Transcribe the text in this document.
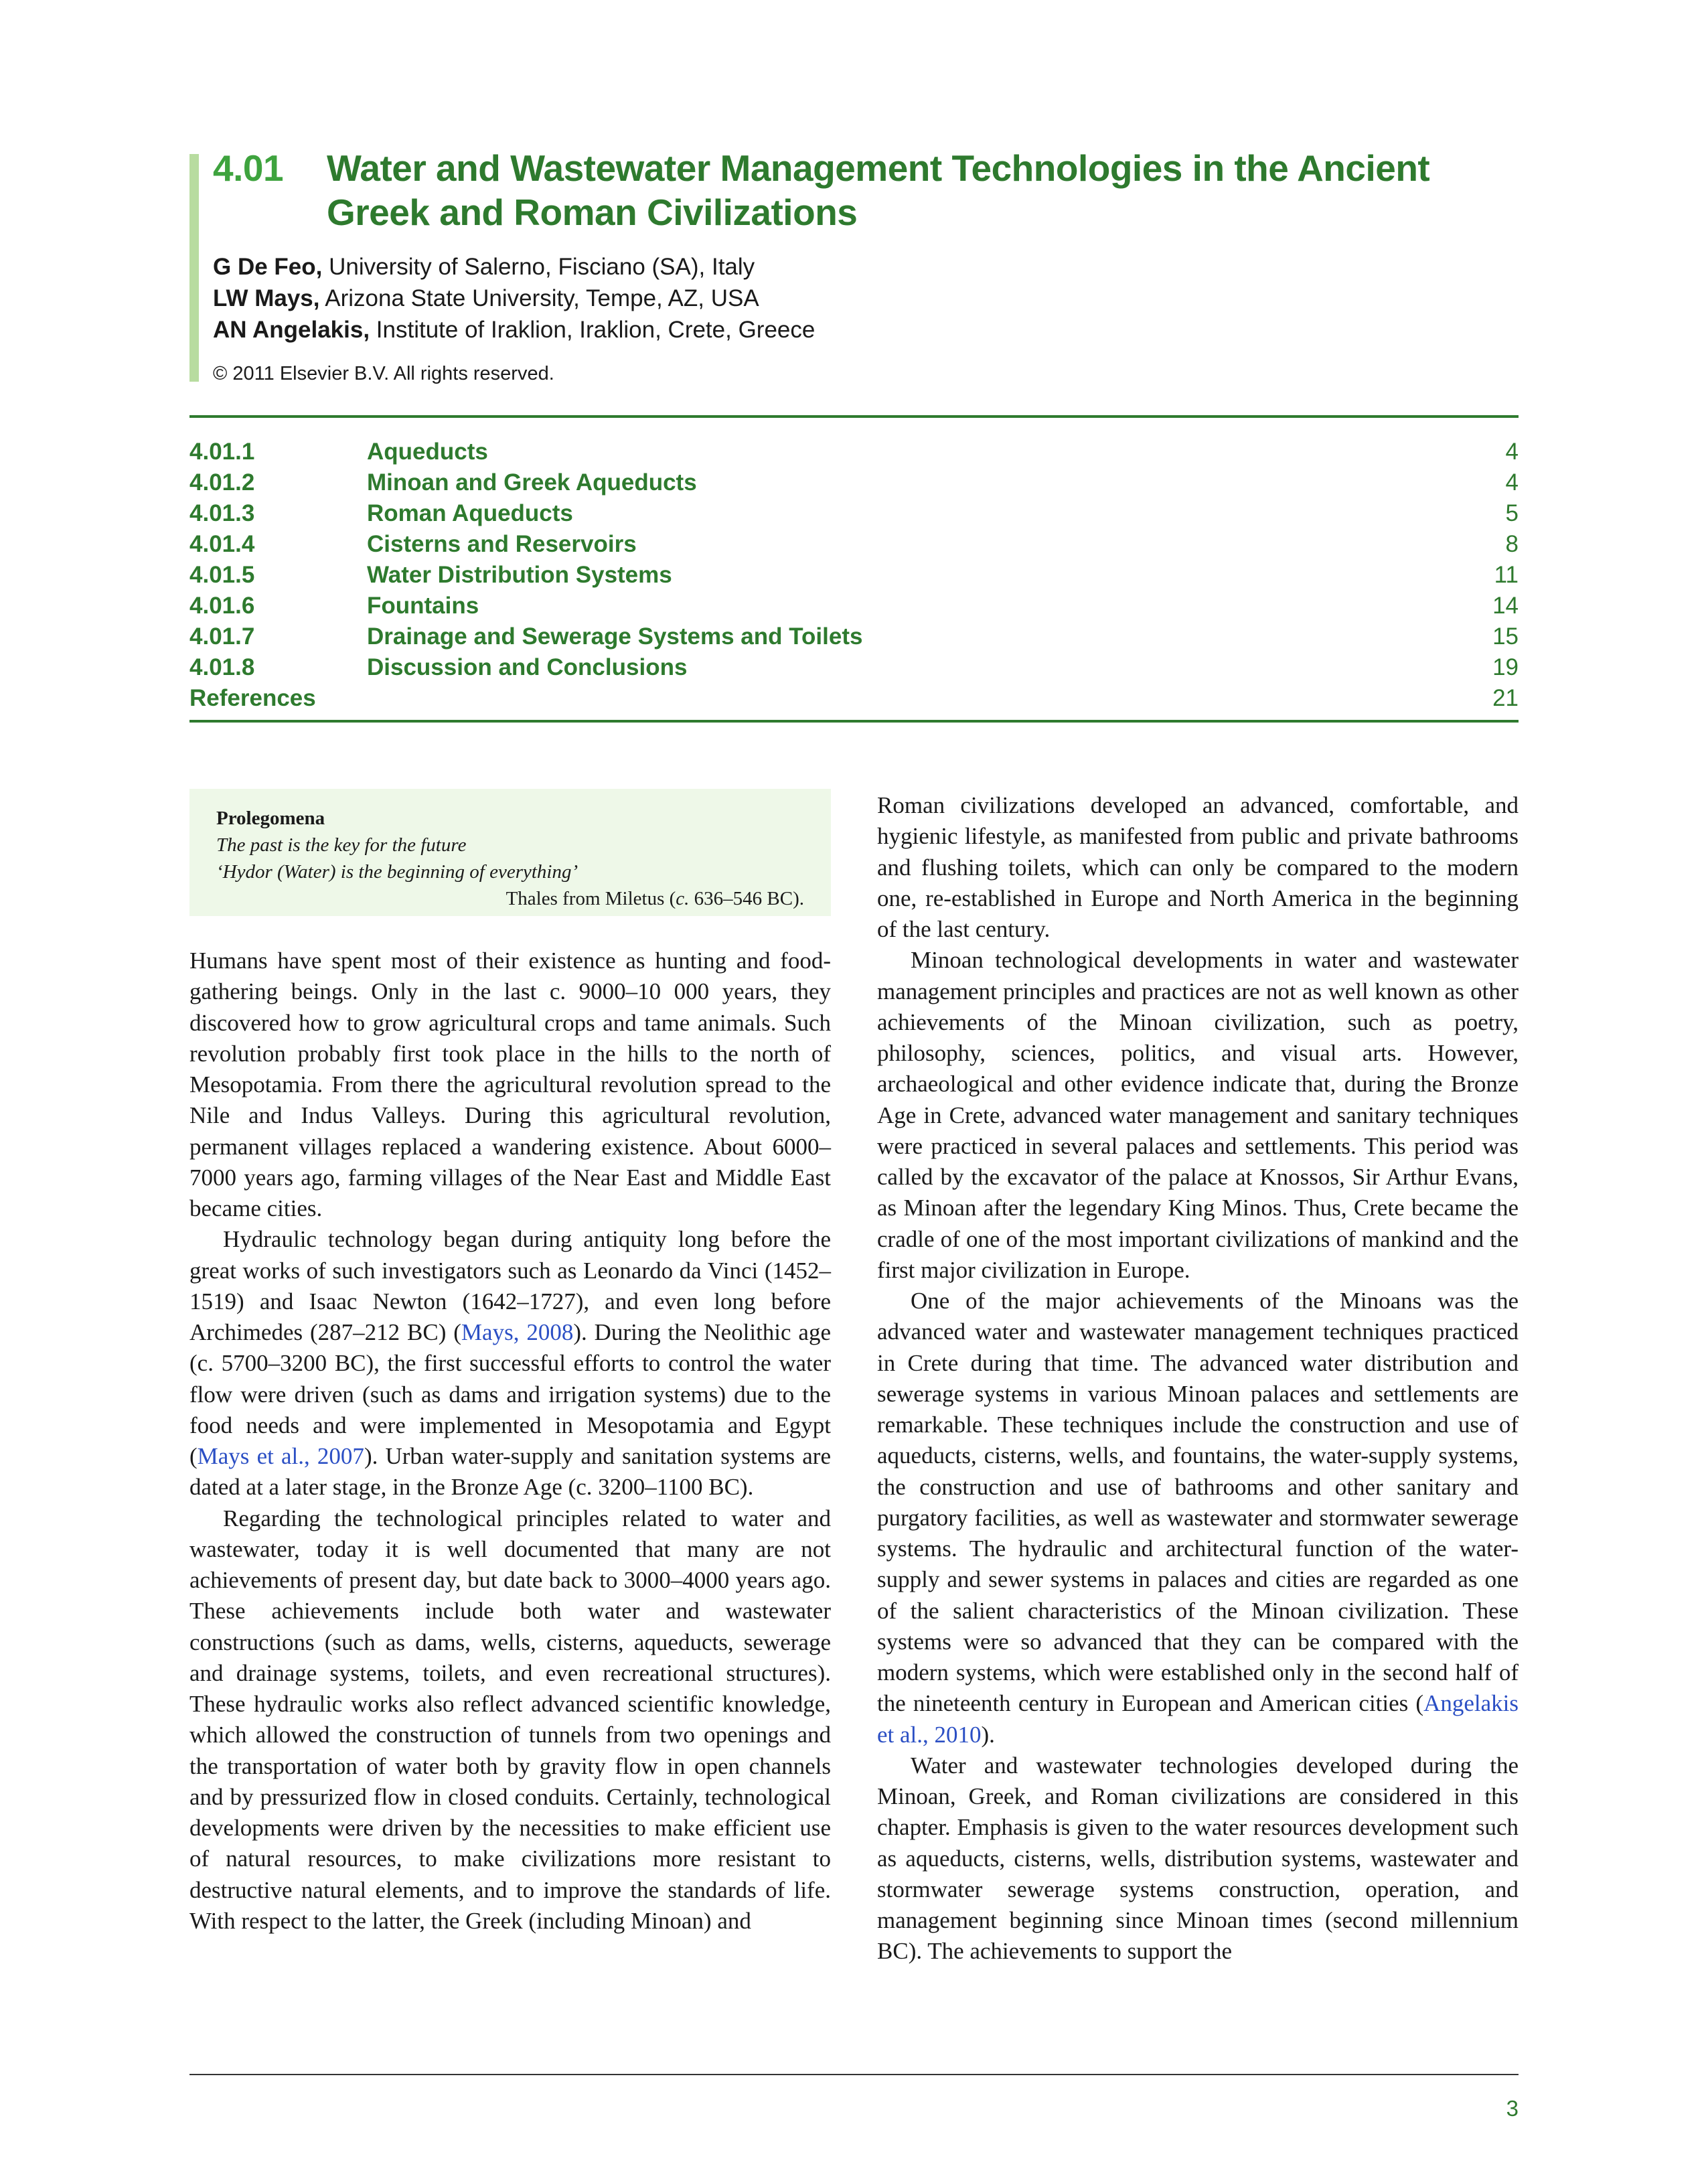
4.01	Water and Wastewater Management Technologies in the Ancient Greek and Roman Civilizations
G De Feo, University of Salerno, Fisciano (SA), Italy
LW Mays, Arizona State University, Tempe, AZ, USA
AN Angelakis, Institute of Iraklion, Iraklion, Crete, Greece
© 2011 Elsevier B.V. All rights reserved.
4.01.1	Aqueducts	4
4.01.2	Minoan and Greek Aqueducts	4
4.01.3	Roman Aqueducts	5
4.01.4	Cisterns and Reservoirs	8
4.01.5	Water Distribution Systems	11
4.01.6	Fountains	14
4.01.7	Drainage and Sewerage Systems and Toilets	15
4.01.8	Discussion and Conclusions	19
References	21
Prolegomena
The past is the key for the future
‘Hydor (Water) is the beginning of everything’
Thales from Miletus (c. 636–546 BC).

Humans have spent most of their existence as hunting and food-gathering beings. Only in the last c. 9000–10 000 years, they discovered how to grow agricultural crops and tame animals. Such revolution probably first took place in the hills to the north of Mesopotamia. From there the agricultural revolution spread to the Nile and Indus Valleys. During this agricultural revolution, permanent villages replaced a wandering existence. About 6000–7000 years ago, farming villages of the Near East and Middle East became cities.

Hydraulic technology began during antiquity long before the great works of such investigators such as Leonardo da Vinci (1452–1519) and Isaac Newton (1642–1727), and even long before Archimedes (287–212 BC) (Mays, 2008). During the Neolithic age (c. 5700–3200 BC), the first successful efforts to control the water flow were driven (such as dams and irrigation systems) due to the food needs and were implemented in Mesopotamia and Egypt (Mays et al., 2007). Urban water-supply and sanitation systems are dated at a later stage, in the Bronze Age (c. 3200–1100 BC).

Regarding the technological principles related to water and wastewater, today it is well documented that many are not achievements of present day, but date back to 3000–4000 years ago. These achievements include both water and wastewater constructions (such as dams, wells, cisterns, aqueducts, sewerage and drainage systems, toilets, and even recreational structures). These hydraulic works also reflect advanced scientific knowledge, which allowed the construction of tunnels from two openings and the transportation of water both by gravity flow in open channels and by pressurized flow in closed conduits. Certainly, technological developments were driven by the necessities to make efficient use of natural resources, to make civilizations more resistant to destructive natural elements, and to improve the standards of life. With respect to the latter, the Greek (including Minoan) and

Roman civilizations developed an advanced, comfortable, and hygienic lifestyle, as manifested from public and private bathrooms and flushing toilets, which can only be compared to the modern one, re-established in Europe and North America in the beginning of the last century.

Minoan technological developments in water and wastewater management principles and practices are not as well known as other achievements of the Minoan civilization, such as poetry, philosophy, sciences, politics, and visual arts. However, archaeological and other evidence indicate that, during the Bronze Age in Crete, advanced water management and sanitary techniques were practiced in several palaces and settlements. This period was called by the excavator of the palace at Knossos, Sir Arthur Evans, as Minoan after the legendary King Minos. Thus, Crete became the cradle of one of the most important civilizations of mankind and the first major civilization in Europe.

One of the major achievements of the Minoans was the advanced water and wastewater management techniques practiced in Crete during that time. The advanced water distribution and sewerage systems in various Minoan palaces and settlements are remarkable. These techniques include the construction and use of aqueducts, cisterns, wells, and fountains, the water-supply systems, the construction and use of bathrooms and other sanitary and purgatory facilities, as well as wastewater and stormwater sewerage systems. The hydraulic and architectural function of the water-supply and sewer systems in palaces and cities are regarded as one of the salient characteristics of the Minoan civilization. These systems were so advanced that they can be compared with the modern systems, which were established only in the second half of the nineteenth century in European and American cities (Angelakis et al., 2010).

Water and wastewater technologies developed during the Minoan, Greek, and Roman civilizations are considered in this chapter. Emphasis is given to the water resources development such as aqueducts, cisterns, wells, distribution systems, wastewater and stormwater sewerage systems construction, operation, and management beginning since Minoan times (second millennium BC). The achievements to support the

3
